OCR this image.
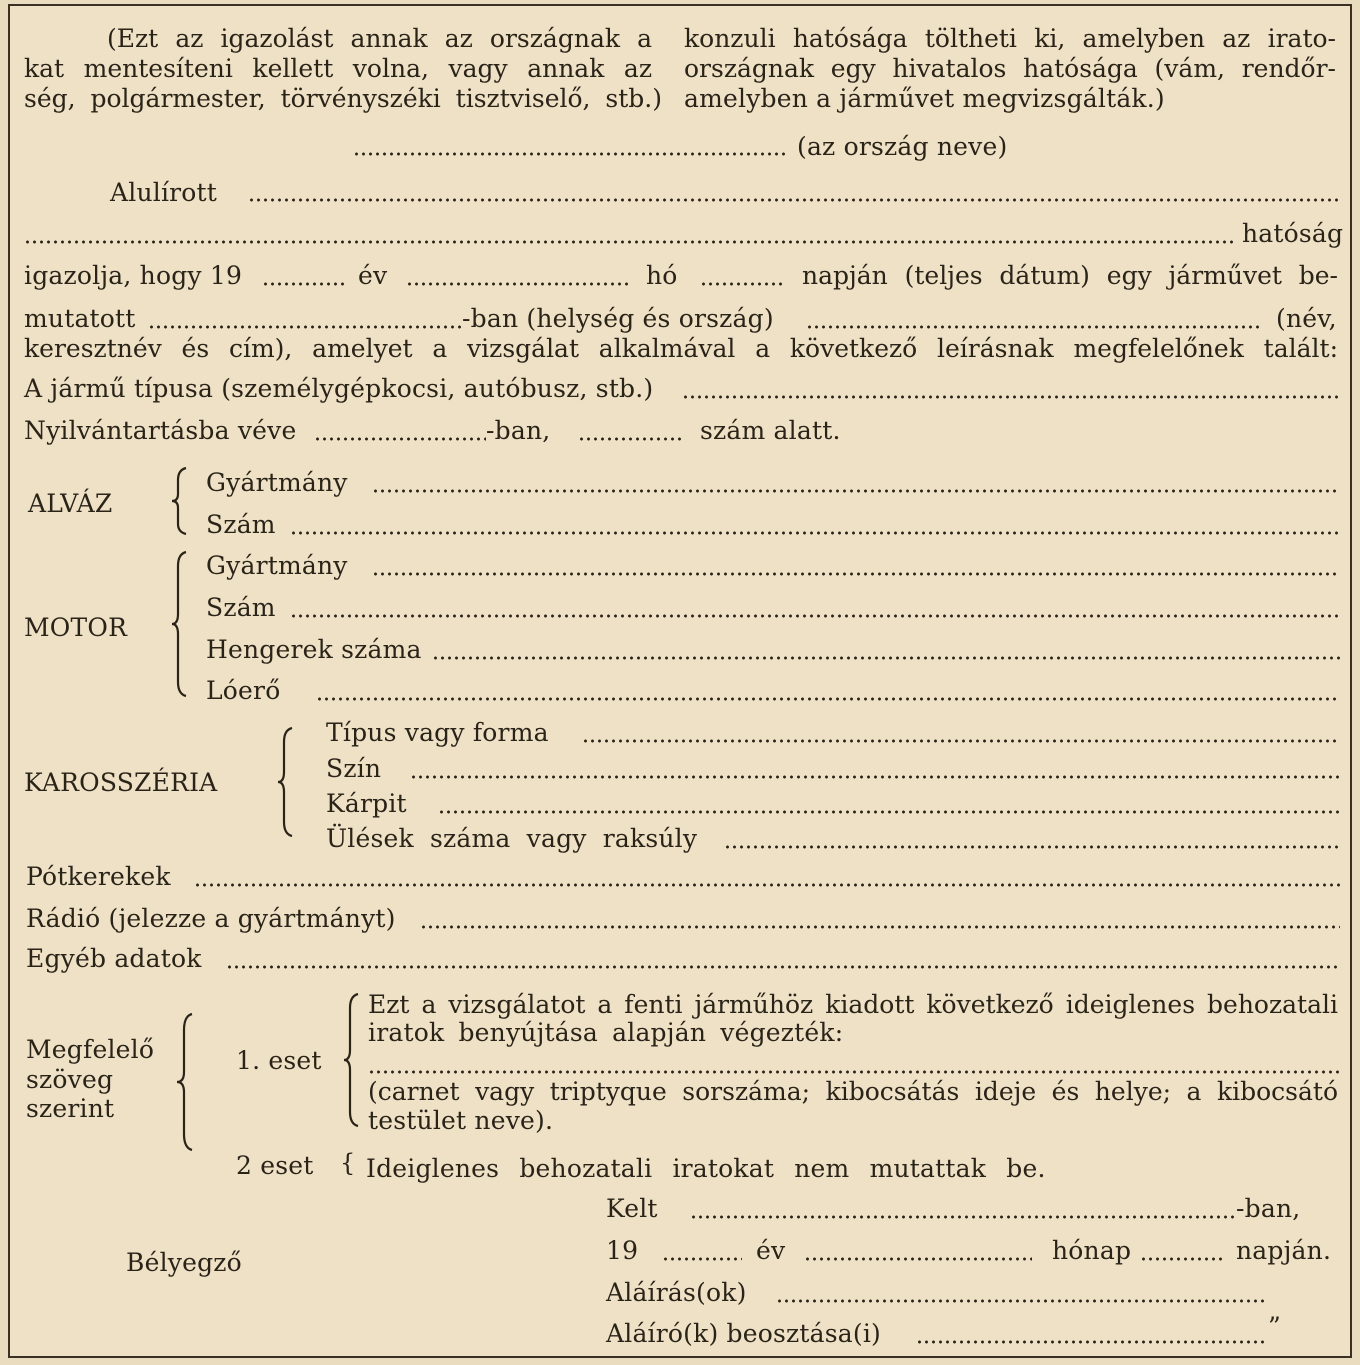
(Ezt az igazolást annak az országnak a
kat mentesíteni kellett volna, vagy annak az
ség, polgármester, törvényszéki tisztviselő, stb.)
konzuli hatósága töltheti ki, amelyben az irato-
országnak egy hivatalos hatósága (vám, rendőr-
amelyben a járművet megvizsgálták.)
(az ország neve)
Alulírott
hatóság
igazolja, hogy 19	év	hó	napján (teljes dátum) egy járművet be-
mutatott	-ban (helység és ország)	(név,
keresztnév és cím), amelyet a vizsgálat alkalmával a következő leírásnak megfelelőnek talált:
A jármű típusa (személygépkocsi, autóbusz, stb.)
Nyilvántartásba véve	-ban,	szám alatt.
ALVÁZ
Gyártmány
Szám
MOTOR
Gyártmány
Szám
Hengerek száma
Lóerő
KAROSSZÉRIA
Típus vagy forma
Szín
Kárpit
Ülések száma vagy raksúly
Pótkerekek
Rádió (jelezze a gyártmányt)
Egyéb adatok
Megfelelő
szöveg
szerint
1. eset
Ezt a vizsgálatot a fenti járműhöz kiadott következő ideiglenes behozatali
iratok benyújtása alapján végezték:
(carnet vagy triptyque sorszáma; kibocsátás ideje és helye; a kibocsátó
testület neve).
2 eset { Ideiglenes behozatali iratokat nem mutattak be.
Bélyegző
Kelt	-ban,
19	év	hónap	napján.
Aláírás(ok)
Aláíró(k) beosztása(i)	”
